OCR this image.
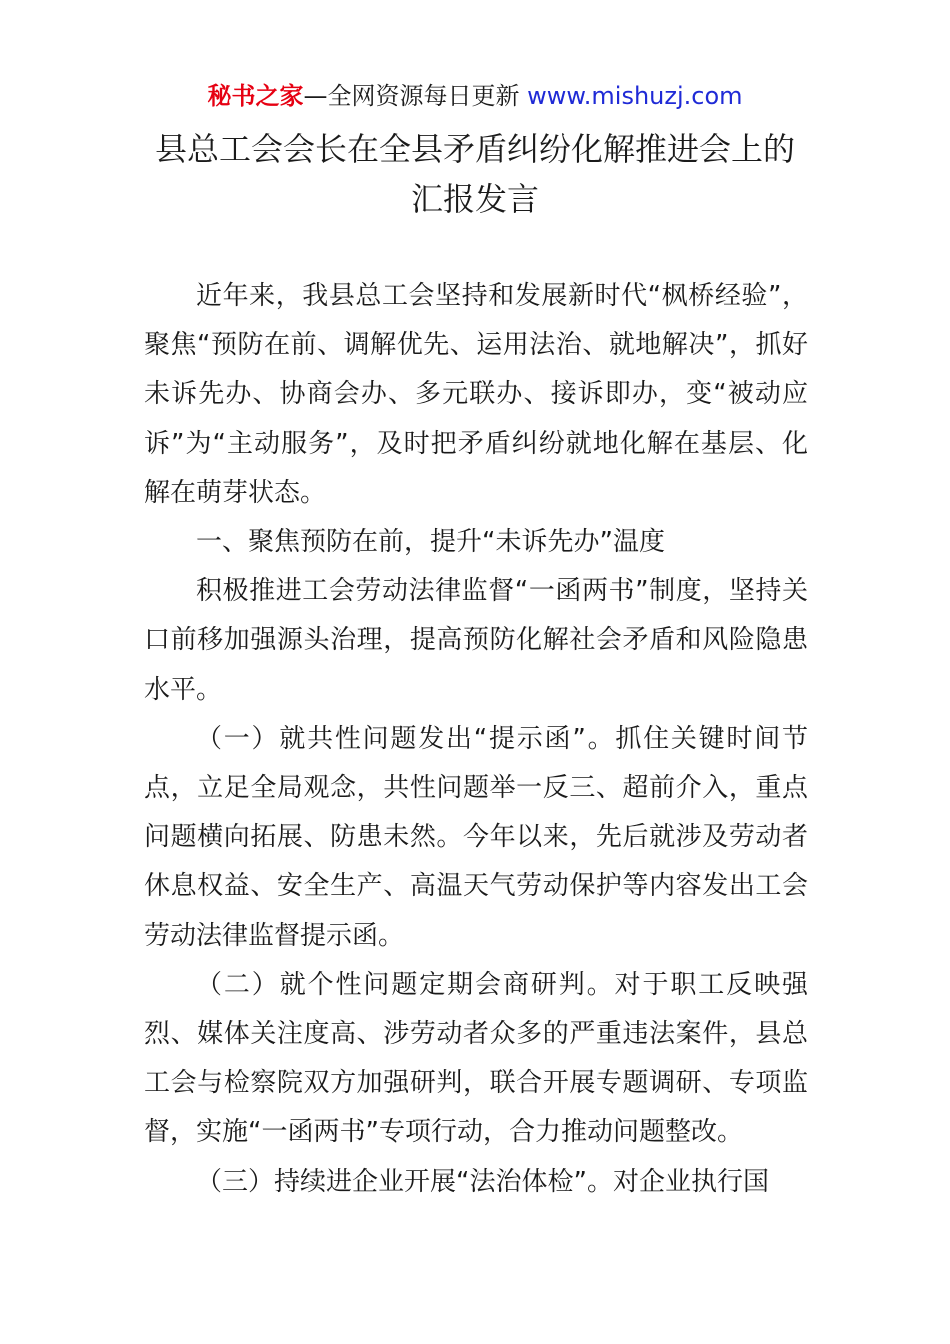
秘书之家—全网资源每日更新 www.mishuzj.com
县总工会会长在全县矛盾纠纷化解推进会上的
汇报发言

近年来，我县总工会坚持和发展新时代“枫桥经验”，聚焦“预防在前、调解优先、运用法治、就地解决”，抓好未诉先办、协商会办、多元联办、接诉即办，变“被动应诉”为“主动服务”，及时把矛盾纠纷就地化解在基层、化解在萌芽状态。

一、聚焦预防在前，提升“未诉先办”温度

积极推进工会劳动法律监督“一函两书”制度，坚持关口前移加强源头治理，提高预防化解社会矛盾和风险隐患水平。

（一）就共性问题发出“提示函”。抓住关键时间节点，立足全局观念，共性问题举一反三、超前介入，重点问题横向拓展、防患未然。今年以来，先后就涉及劳动者休息权益、安全生产、高温天气劳动保护等内容发出工会劳动法律监督提示函。

（二）就个性问题定期会商研判。对于职工反映强烈、媒体关注度高、涉劳动者众多的严重违法案件，县总工会与检察院双方加强研判，联合开展专题调研、专项监督，实施“一函两书”专项行动，合力推动问题整改。

（三）持续进企业开展“法治体检”。对企业执行国
